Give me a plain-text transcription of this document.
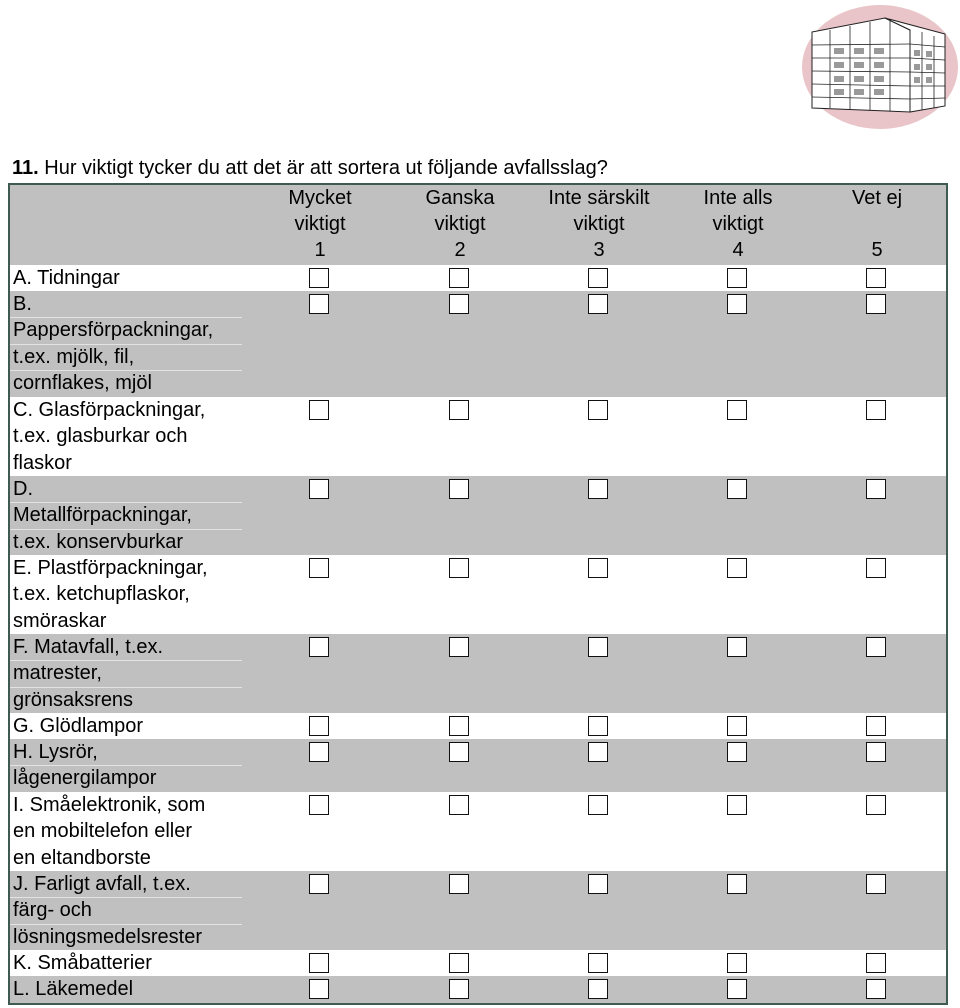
11. Hur viktigt tycker du att det är att sortera ut följande avfallsslag?
Mycket
viktigt
1
Ganska
viktigt
2
Inte särskilt
viktigt
3
Inte alls
viktigt
4
Vet ej
5
A. Tidningar
B.
Pappersförpackningar,
t.ex. mjölk, fil,
cornflakes, mjöl
C. Glasförpackningar,
t.ex. glasburkar och
flaskor
D.
Metallförpackningar,
t.ex. konservburkar
E. Plastförpackningar,
t.ex. ketchupflaskor,
smöraskar
F. Matavfall, t.ex.
matrester,
grönsaksrens
G. Glödlampor
H. Lysrör,
lågenergilampor
I. Småelektronik, som
en mobiltelefon eller
en eltandborste
J. Farligt avfall, t.ex.
färg- och
lösningsmedelsrester
K. Småbatterier
L. Läkemedel
